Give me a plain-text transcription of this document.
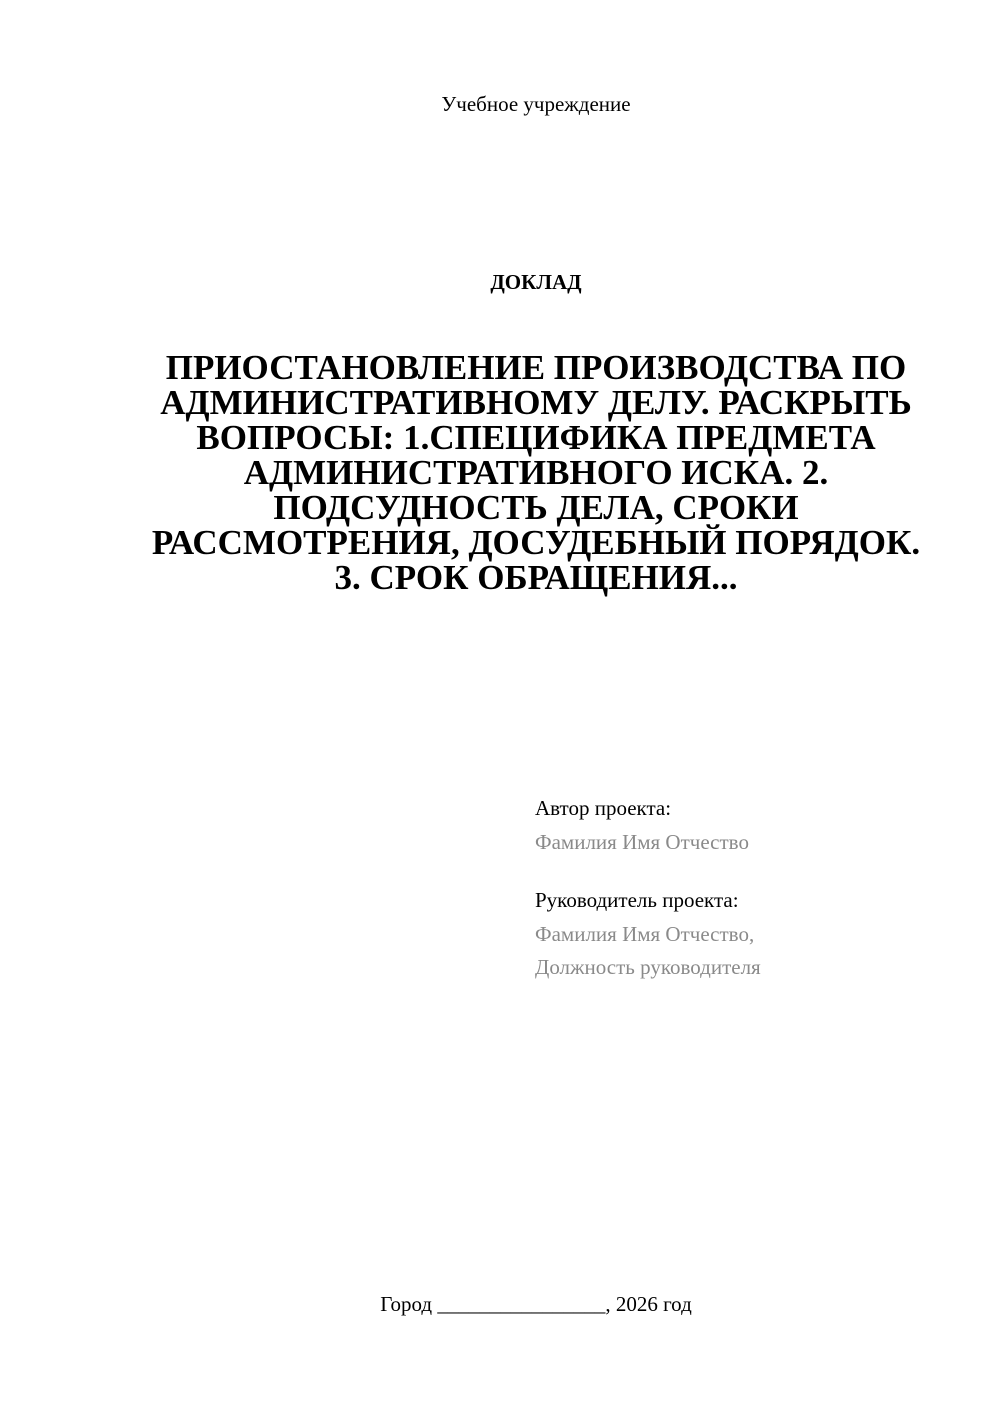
Учебное учреждение
ДОКЛАД
ПРИОСТАНОВЛЕНИЕ ПРОИЗВОДСТВА ПО АДМИНИСТРАТИВНОМУ ДЕЛУ. РАСКРЫТЬ ВОПРОСЫ: 1.СПЕЦИФИКА ПРЕДМЕТА АДМИНИСТРАТИВНОГО ИСКА. 2. ПОДСУДНОСТЬ ДЕЛА, СРОКИ РАССМОТРЕНИЯ, ДОСУДЕБНЫЙ ПОРЯДОК. 3. СРОК ОБРАЩЕНИЯ...
Автор проекта:
Фамилия Имя Отчество
Руководитель проекта:
Фамилия Имя Отчество,
Должность руководителя
Город ________________, 2026 год
